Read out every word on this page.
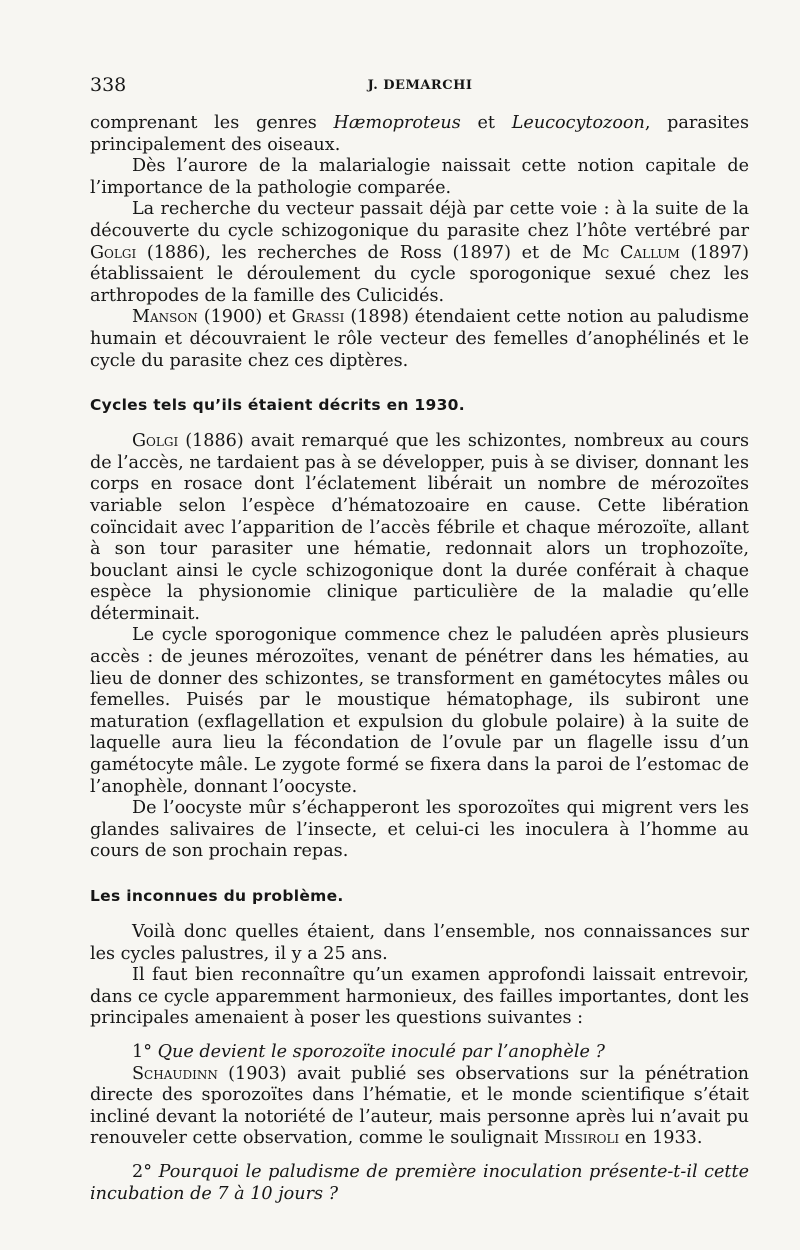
338	J. DEMARCHI

comprenant les genres Hæmoproteus et Leucocytozoon, parasites principalement des oiseaux.

Dès l’aurore de la malarialogie naissait cette notion capitale de l’importance de la pathologie comparée.

La recherche du vecteur passait déjà par cette voie : à la suite de la découverte du cycle schizogonique du parasite chez l’hôte vertébré par Golgi (1886), les recherches de Ross (1897) et de Mc Callum (1897) établissaient le déroulement du cycle sporogonique sexué chez les arthropodes de la famille des Culicidés.

Manson (1900) et Grassi (1898) étendaient cette notion au paludisme humain et découvraient le rôle vecteur des femelles d’anophélinés et le cycle du parasite chez ces diptères.

Cycles tels qu’ils étaient décrits en 1930.

Golgi (1886) avait remarqué que les schizontes, nombreux au cours de l’accès, ne tardaient pas à se développer, puis à se diviser, donnant les corps en rosace dont l’éclatement libérait un nombre de mérozoïtes variable selon l’espèce d’hématozoaire en cause. Cette libération coïncidait avec l’apparition de l’accès fébrile et chaque mérozoïte, allant à son tour parasiter une hématie, redonnait alors un trophozoïte, bouclant ainsi le cycle schizogonique dont la durée conférait à chaque espèce la physionomie clinique particulière de la maladie qu’elle déterminait.

Le cycle sporogonique commence chez le paludéen après plusieurs accès : de jeunes mérozoïtes, venant de pénétrer dans les hématies, au lieu de donner des schizontes, se transforment en gamétocytes mâles ou femelles. Puisés par le moustique hématophage, ils subiront une maturation (exflagellation et expulsion du globule polaire) à la suite de laquelle aura lieu la fécondation de l’ovule par un flagelle issu d’un gamétocyte mâle. Le zygote formé se fixera dans la paroi de l’estomac de l’anophèle, donnant l’oocyste.

De l’oocyste mûr s’échapperont les sporozoïtes qui migrent vers les glandes salivaires de l’insecte, et celui-ci les inoculera à l’homme au cours de son prochain repas.

Les inconnues du problème.

Voilà donc quelles étaient, dans l’ensemble, nos connaissances sur les cycles palustres, il y a 25 ans.

Il faut bien reconnaître qu’un examen approfondi laissait entrevoir, dans ce cycle apparemment harmonieux, des failles importantes, dont les principales amenaient à poser les questions suivantes :

1° Que devient le sporozoïte inoculé par l’anophèle ?

Schaudinn (1903) avait publié ses observations sur la pénétration directe des sporozoïtes dans l’hématie, et le monde scientifique s’était incliné devant la notoriété de l’auteur, mais personne après lui n’avait pu renouveler cette observation, comme le soulignait Missiroli en 1933.

2° Pourquoi le paludisme de première inoculation présente-t-il cette incubation de 7 à 10 jours ?
